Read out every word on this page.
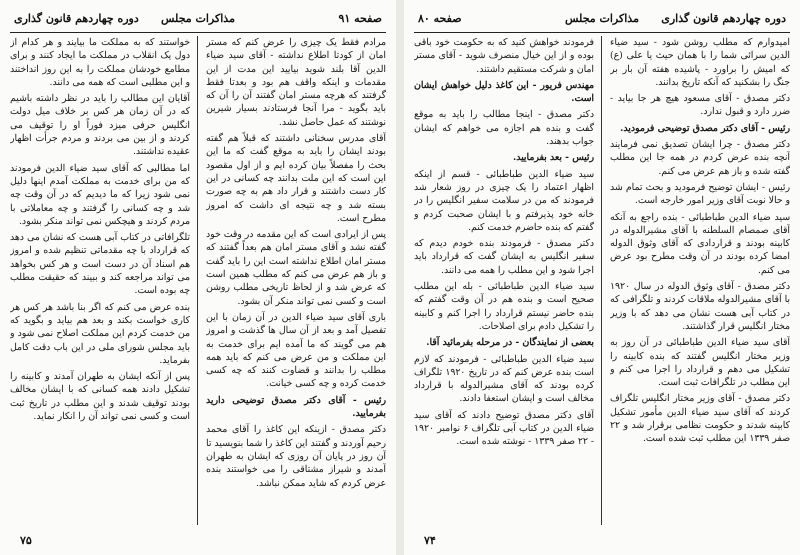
صفحه ۹۱
مذاکرات مجلس
دوره چهاردهم قانون گذاری

مرادم فقط یک چیزی را عرض کنم که مستر امان از کودتا اطلاع نداشته - آقای سید ضیاء الدین آقا بلند شوید بیایید این مدت از این مقدمات و اینکه واقف هم بود و بعدتا فقط گرفتند که هرچه مستر امان گفتند آن را آن که باید بگوید - مرا آنجا فرستادند بسیار شیرین نوشتند که عمل حاصل نشد.

آقای مدرس سخنانی داشتند که قبلاً هم گفته بودند ایشان را باید به موقع گفت که ما این بحث را مفصلاً بیان کرده ایم و از اول مقصود این است که این ملت بدانند چه کسانی در این کار دست داشتند و قرار داد هم به چه صورت بسته شد و چه نتیجه ای داشت که امروز مطرح است.

پس از ایرادی است که این مقدمه در وقت خود گفته نشد و آقای مستر امان هم بعداً گفتند که مستر امان اطلاع نداشته است این را باید گفت و باز هم عرض می کنم که مطلب همین است که عرض شد و از لحاظ تاریخی مطلب روشن است و کسی نمی تواند منکر آن بشود.

باری آقای سید ضیاء الدین در آن زمان با این تفصیل آمد و بعد از آن سال ها گذشت و امروز هم می گویند که ما آمده ایم برای خدمت به این مملکت و من عرض می کنم که باید همه مطلب را بدانند و قضاوت کنند که چه کسی خدمت کرده و چه کسی خیانت.

رئیس - آقای دکتر مصدق توضیحی دارید بفرمایید.

دکتر مصدق - ازینکه این کاغذ را آقای محمد رحیم آوردند و گفتند این کاغذ را شما بنویسید تا آن روز در پایان آن روزی که ایشان به طهران آمدند و شیراز مشتاقی را می خواستند بنده عرض کردم که شاید ممکن نباشد.

خواستند که به مملکت ما بیایند و هر کدام از دول یک انقلاب در مملکت ما ایجاد کنند و برای مطامع خودشان مملکت را به این روز انداختند و این مطلبی است که همه می دانند.

آقایان این مطالب را باید در نظر داشته باشیم که در آن زمان هر کس بر خلاف میل دولت انگلیس حرفی میزد فوراً او را توقیف می کردند و از بین می بردند و مردم جرأت اظهار عقیده نداشتند.

اما مطالبی که آقای سید ضیاء الدین فرمودند که من برای خدمت به مملکت آمدم اینها دلیل نمی شود زیرا که ما دیدیم که در آن وقت چه شد و چه کسانی را گرفتند و چه معاملاتی با مردم کردند و هیچکس نمی تواند منکر بشود.

تلگرافاتی در کتاب آبی هست که نشان می دهد که قرارداد با چه مقدماتی تنظیم شده و امروز هم اسناد آن در دست است و هر کس بخواهد می تواند مراجعه کند و ببیند که حقیقت مطلب چه بوده است.

بنده عرض می کنم که اگر بنا باشد هر کس هر کاری خواست بکند و بعد هم بیاید و بگوید که من خدمت کردم این مملکت اصلاح نمی شود و باید مجلس شورای ملی در این باب دقت کامل بفرماید.

پس از آنکه ایشان به طهران آمدند و کابینه را تشکیل دادند همه کسانی که با ایشان مخالف بودند توقیف شدند و این مطلب در تاریخ ثبت است و کسی نمی تواند آن را انکار نماید.

۷۵
دوره چهاردهم قانون گذاری
مذاکرات مجلس
صفحه ۸۰

امیدوارم که مطلب روشن شود - سید ضیاء الدین سرائی شما را با همان حیث یا علی (ع) که امیش را براورد - پاشیده هفته آن بار بر جنگ را بشکنید که آنکه تاریخ بدانند.

دکتر مصدق - آقای مسعود هیچ هر جا بیاید - ضرر دارد و قبول ندارد.

رئیس - آقای دکتر مصدق توضیحی فرمودید.

دکتر مصدق - چرا ایشان تصدیق نمی فرمایند آنچه بنده عرض کردم در همه جا این مطلب گفته شده و باز هم عرض می کنم.

رئیس - ایشان توضیح فرمودید و بحث تمام شد و حالا نوبت آقای وزیر امور خارجه است.

سید ضیاء الدین طباطبائی - بنده راجع به آنکه آقای صمصام السلطنه با آقای مشیرالدوله در کابینه بودند و قراردادی که آقای وثوق الدوله امضا کرده بودند در آن وقت مطرح بود عرض می کنم.

دکتر مصدق - آقای وثوق الدوله در سال ۱۹۲۰ با آقای مشیرالدوله ملاقات کردند و تلگرافی که در کتاب آبی هست نشان می دهد که با وزیر مختار انگلیس قرار گذاشتند.

آقای سید ضیاء الدین طباطبائی در آن روز به وزیر مختار انگلیس گفتند که بنده کابینه را تشکیل می دهم و قرارداد را اجرا می کنم و این مطلب در تلگرافات ثبت است.

دکتر مصدق - آقای وزیر مختار انگلیس تلگراف کردند که آقای سید ضیاء الدین مأمور تشکیل کابینه شدند و حکومت نظامی برقرار شد و ۲۲ صفر ۱۳۳۹ این مطلب ثبت شده است.

فرمودند خواهش کنید که به حکومت خود باقی بوده و از این خیال منصرف شوید - آقای مستر امان و شرکت مستقیم داشتند.

مهندس فریور - این کاغذ دلیل خواهش ایشان است.

دکتر مصدق - اینجا مطالب را باید به موقع گفت و بنده هم اجازه می خواهم که ایشان جواب بدهند.

رئیس - بعد بفرمایید.

سید ضیاء الدین طباطبائی - قسم از اینکه اظهار اعتماد را یک چیزی در روز شعار شد فرمودند که من در سلامت سفیر انگلیس را در خانه خود پذیرفتم و با ایشان صحبت کردم و گفتم که بنده حاضرم خدمت کنم.

دکتر مصدق - فرمودند بنده خودم دیدم که سفیر انگلیس به ایشان گفت که قرارداد باید اجرا شود و این مطلب را همه می دانند.

سید ضیاء الدین طباطبائی - بله این مطلب صحیح است و بنده هم در آن وقت گفتم که بنده حاضر نیستم قرارداد را اجرا کنم و کابینه را تشکیل دادم برای اصلاحات.

بعضی از نمایندگان - در مرحله بفرمائید آقا.

سید ضیاء الدین طباطبائی - فرمودند که لازم است بنده عرض کنم که در تاریخ ۱۹۲۰ تلگراف کرده بودند که آقای مشیرالدوله با قرارداد مخالف است و ایشان استعفا دادند.

آقای دکتر مصدق توضیح دادند که آقای سید ضیاء الدین در کتاب آبی تلگراف ۶ نوامبر ۱۹۲۰ - ۲۲ صفر ۱۳۳۹ - نوشته شده است.

۷۴
